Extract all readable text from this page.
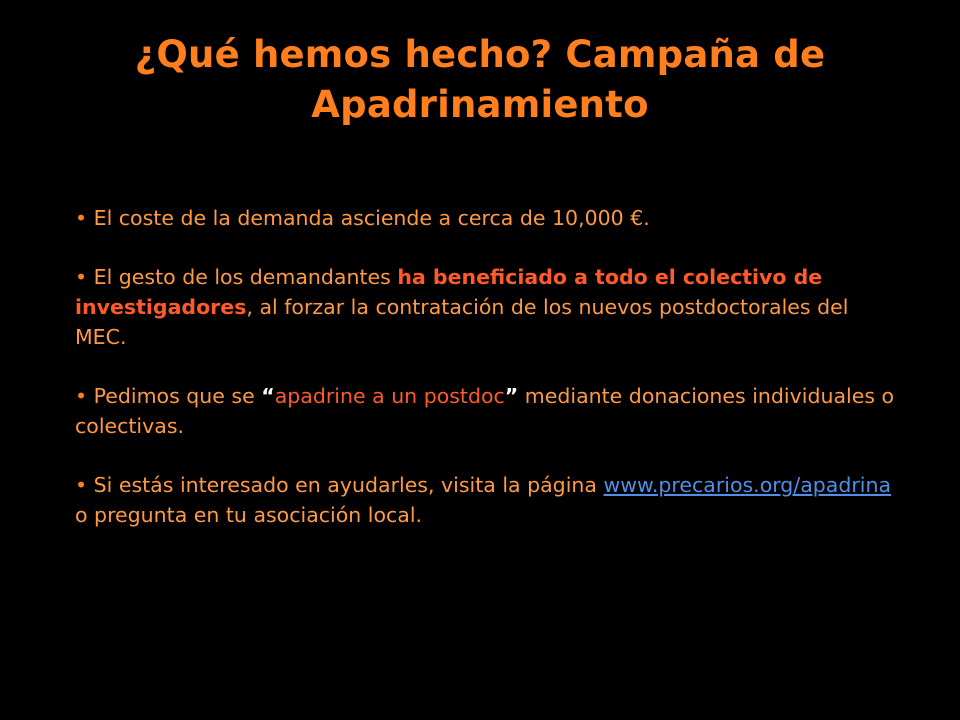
¿Qué hemos hecho? Campaña de Apadrinamiento

• El coste de la demanda asciende a cerca de 10,000 €.

• El gesto de los demandantes ha beneficiado a todo el colectivo de investigadores, al forzar la contratación de los nuevos postdoctorales del MEC.

• Pedimos que se “apadrine a un postdoc” mediante donaciones individuales o colectivas.

• Si estás interesado en ayudarles, visita la página www.precarios.org/apadrina o pregunta en tu asociación local.
